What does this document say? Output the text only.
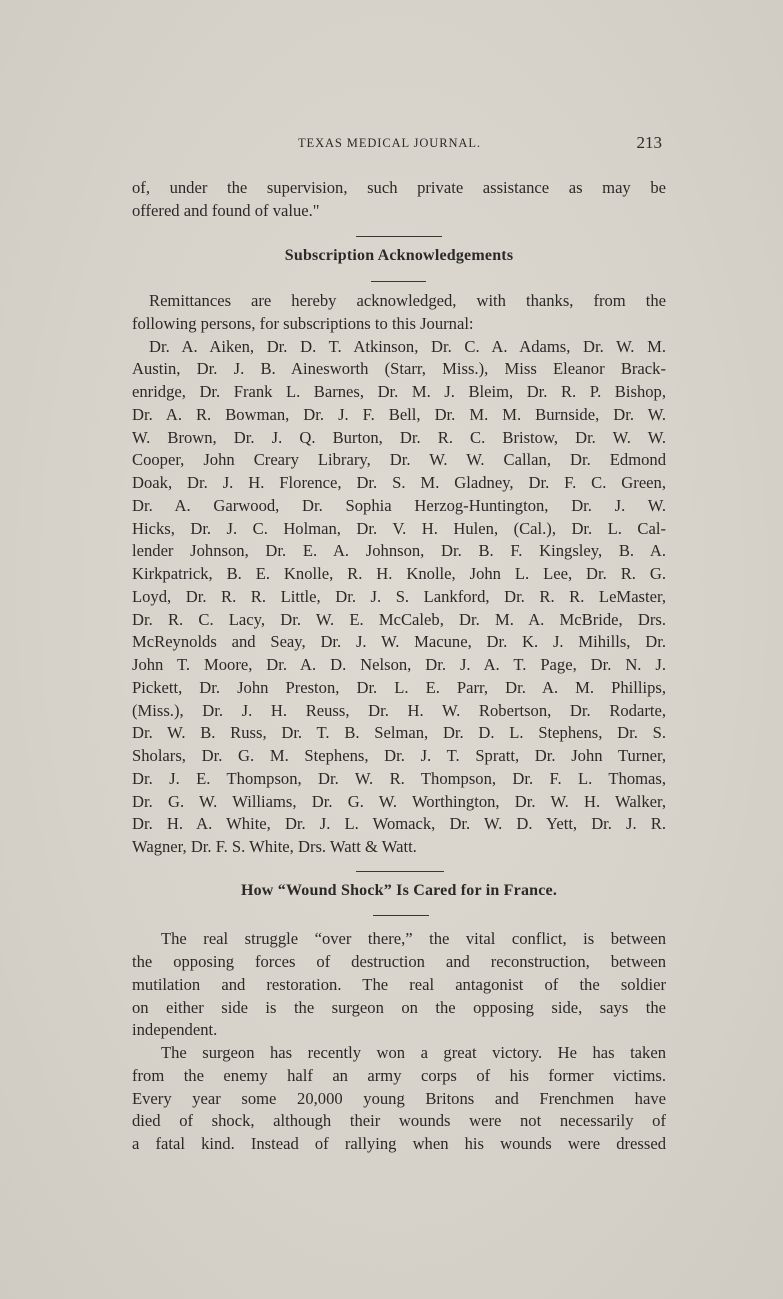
TEXAS MEDICAL JOURNAL.	213
of, under the supervision, such private assistance as may be
offered and found of value."
Subscription Acknowledgements
Remittances are hereby acknowledged, with thanks, from the
following persons, for subscriptions to this Journal:
Dr. A. Aiken, Dr. D. T. Atkinson, Dr. C. A. Adams, Dr. W. M.
Austin, Dr. J. B. Ainesworth (Starr, Miss.), Miss Eleanor Brack-
enridge, Dr. Frank L. Barnes, Dr. M. J. Bleim, Dr. R. P. Bishop,
Dr. A. R. Bowman, Dr. J. F. Bell, Dr. M. M. Burnside, Dr. W.
W. Brown, Dr. J. Q. Burton, Dr. R. C. Bristow, Dr. W. W.
Cooper, John Creary Library, Dr. W. W. Callan, Dr. Edmond
Doak, Dr. J. H. Florence, Dr. S. M. Gladney, Dr. F. C. Green,
Dr. A. Garwood, Dr. Sophia Herzog-Huntington, Dr. J. W.
Hicks, Dr. J. C. Holman, Dr. V. H. Hulen, (Cal.), Dr. L. Cal-
lender Johnson, Dr. E. A. Johnson, Dr. B. F. Kingsley, B. A.
Kirkpatrick, B. E. Knolle, R. H. Knolle, John L. Lee, Dr. R. G.
Loyd, Dr. R. R. Little, Dr. J. S. Lankford, Dr. R. R. LeMaster,
Dr. R. C. Lacy, Dr. W. E. McCaleb, Dr. M. A. McBride, Drs.
McReynolds and Seay, Dr. J. W. Macune, Dr. K. J. Mihills, Dr.
John T. Moore, Dr. A. D. Nelson, Dr. J. A. T. Page, Dr. N. J.
Pickett, Dr. John Preston, Dr. L. E. Parr, Dr. A. M. Phillips,
(Miss.), Dr. J. H. Reuss, Dr. H. W. Robertson, Dr. Rodarte,
Dr. W. B. Russ, Dr. T. B. Selman, Dr. D. L. Stephens, Dr. S.
Sholars, Dr. G. M. Stephens, Dr. J. T. Spratt, Dr. John Turner,
Dr. J. E. Thompson, Dr. W. R. Thompson, Dr. F. L. Thomas,
Dr. G. W. Williams, Dr. G. W. Worthington, Dr. W. H. Walker,
Dr. H. A. White, Dr. J. L. Womack, Dr. W. D. Yett, Dr. J. R.
Wagner, Dr. F. S. White, Drs. Watt & Watt.
How “Wound Shock” Is Cared for in France.
The real struggle “over there,” the vital conflict, is between
the opposing forces of destruction and reconstruction, between
mutilation and restoration. The real antagonist of the soldier
on either side is the surgeon on the opposing side, says the
independent.
The surgeon has recently won a great victory. He has taken
from the enemy half an army corps of his former victims.
Every year some 20,000 young Britons and Frenchmen have
died of shock, although their wounds were not necessarily of
a fatal kind. Instead of rallying when his wounds were dressed
